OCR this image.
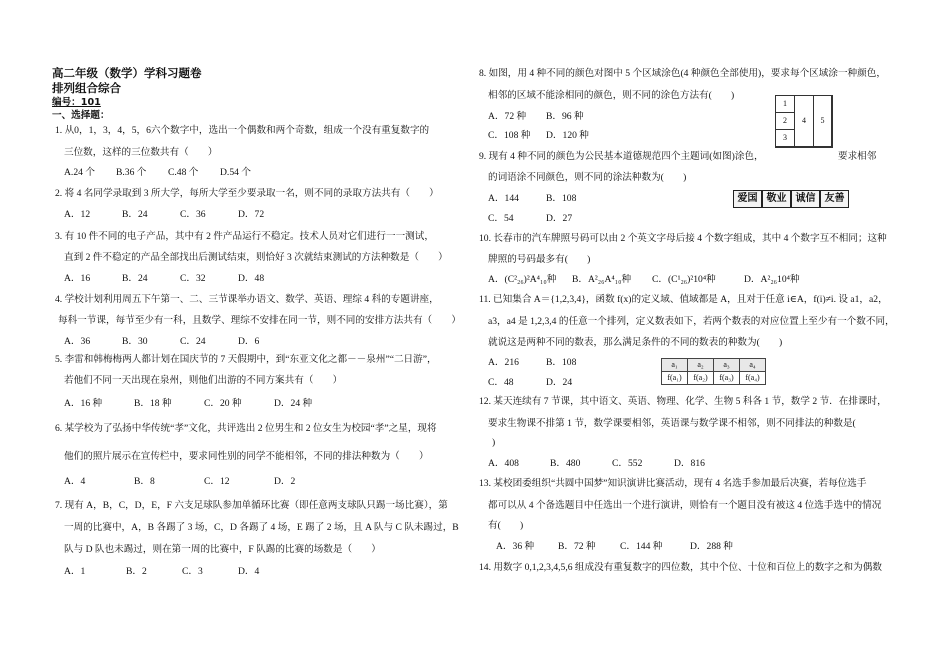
高二年级（数学）学科习题卷
排列组合综合
编号：101
一、选择题：
1. 从0，1，3，4，5，6六个数字中，选出一个偶数和两个奇数，组成一个没有重复数字的
三位数，这样的三位数共有（　　）
A.24 个 B.36 个 C.48 个 D.54 个
2. 将 4 名同学录取到 3 所大学，每所大学至少要录取一名，则不同的录取方法共有（　　）
A．12	B．24	C．36	D．72
3. 有 10 件不同的电子产品，其中有 2 件产品运行不稳定。技术人员对它们进行一一测试，
直到 2 件不稳定的产品全部找出后测试结束，则恰好 3 次就结束测试的方法种数是（　　）
A．16	B．24	C．32	D．48
4. 学校计划利用周五下午第一、二、三节课举办语文、数学、英语、理综 4 科的专题讲座，
每科一节课，每节至少有一科，且数学、理综不安排在同一节，则不同的安排方法共有（　　）
A．36	B．30	C．24	D．6
5. 李雷和韩梅梅两人都计划在国庆节的 7 天假期中，到“东亚文化之都－－泉州”“二日游”，
若他们不同一天出现在泉州，则他们出游的不同方案共有（　　）
A．16 种	B．18 种	C．20 种	D．24 种
6. 某学校为了弘扬中华传统“孝”文化，共评选出 2 位男生和 2 位女生为校园“孝”之星，现将
他们的照片展示在宣传栏中，要求同性别的同学不能相邻，不同的排法种数为（　　）
A．4	B．8	C．12	D．2
7. 现有 A，B，C，D，E，F 六支足球队参加单循环比赛（即任意两支球队只踢一场比赛），第
一周的比赛中，A，B 各踢了 3 场，C，D 各踢了 4 场，E 踢了 2 场，且 A 队与 C 队未踢过，B
队与 D 队也未踢过，则在第一周的比赛中，F 队踢的比赛的场数是（　　）
A．1	B．2	C．3	D．4
8. 如图，用 4 种不同的颜色对图中 5 个区域涂色(4 种颜色全部使用)，要求每个区域涂一种颜色，
相邻的区域不能涂相同的颜色，则不同的涂色方法有(　　)
A．72 种 B．96 种
C．108 种 D．120 种
1
2
3
4	5
9. 现有 4 种不同的颜色为公民基本道德规范四个主题词(如图)涂色，	要求相邻
的词语涂不同颜色，则不同的涂法种数为(　　)
A．144	B．108
C．54	D．27
爱国 敬业 诚信 友善
10. 长春市的汽车牌照号码可以由 2 个英文字母后接 4 个数字组成，其中 4 个数字互不相同；这种
牌照的号码最多有(　　)
A．(C²₂₆)²A⁴₁₀种 B．A²₂₆A⁴₁₀种 C．(C¹₂₆)²10⁴种	D．A²₂₆10⁴种
11. 已知集合 A＝{1,2,3,4}，函数 f(x)的定义域、值域都是 A，且对于任意 i∈A，f(i)≠i. 设 a1，a2，
a3，a4 是 1,2,3,4 的任意一个排列，定义数表如下，若两个数表的对应位置上至少有一个数不同，
就说这是两种不同的数表，那么满足条件的不同的数表的种数为(　　)
A．216	B．108
C．48	D．24
a₁	a₂	a₃	a₄
f(a₁)	f(a₂)	f(a₃)	f(a₄)
12. 某天连续有 7 节课，其中语文、英语、物理、化学、生物 5 科各 1 节，数学 2 节．在排课时，
要求生物课不排第 1 节，数学课要相邻，英语课与数学课不相邻，则不同排法的种数是(
)
A．408	B．480	C．552	D．816
13. 某校团委组织“共圆中国梦”知识演讲比赛活动，现有 4 名选手参加最后决赛，若每位选手
都可以从 4 个备选题目中任选出一个进行演讲，则恰有一个题目没有被这 4 位选手选中的情况
有(　　)
A．36 种 B．72 种	C．144 种	D．288 种
14. 用数字 0,1,2,3,4,5,6 组成没有重复数字的四位数，其中个位、十位和百位上的数字之和为偶数
